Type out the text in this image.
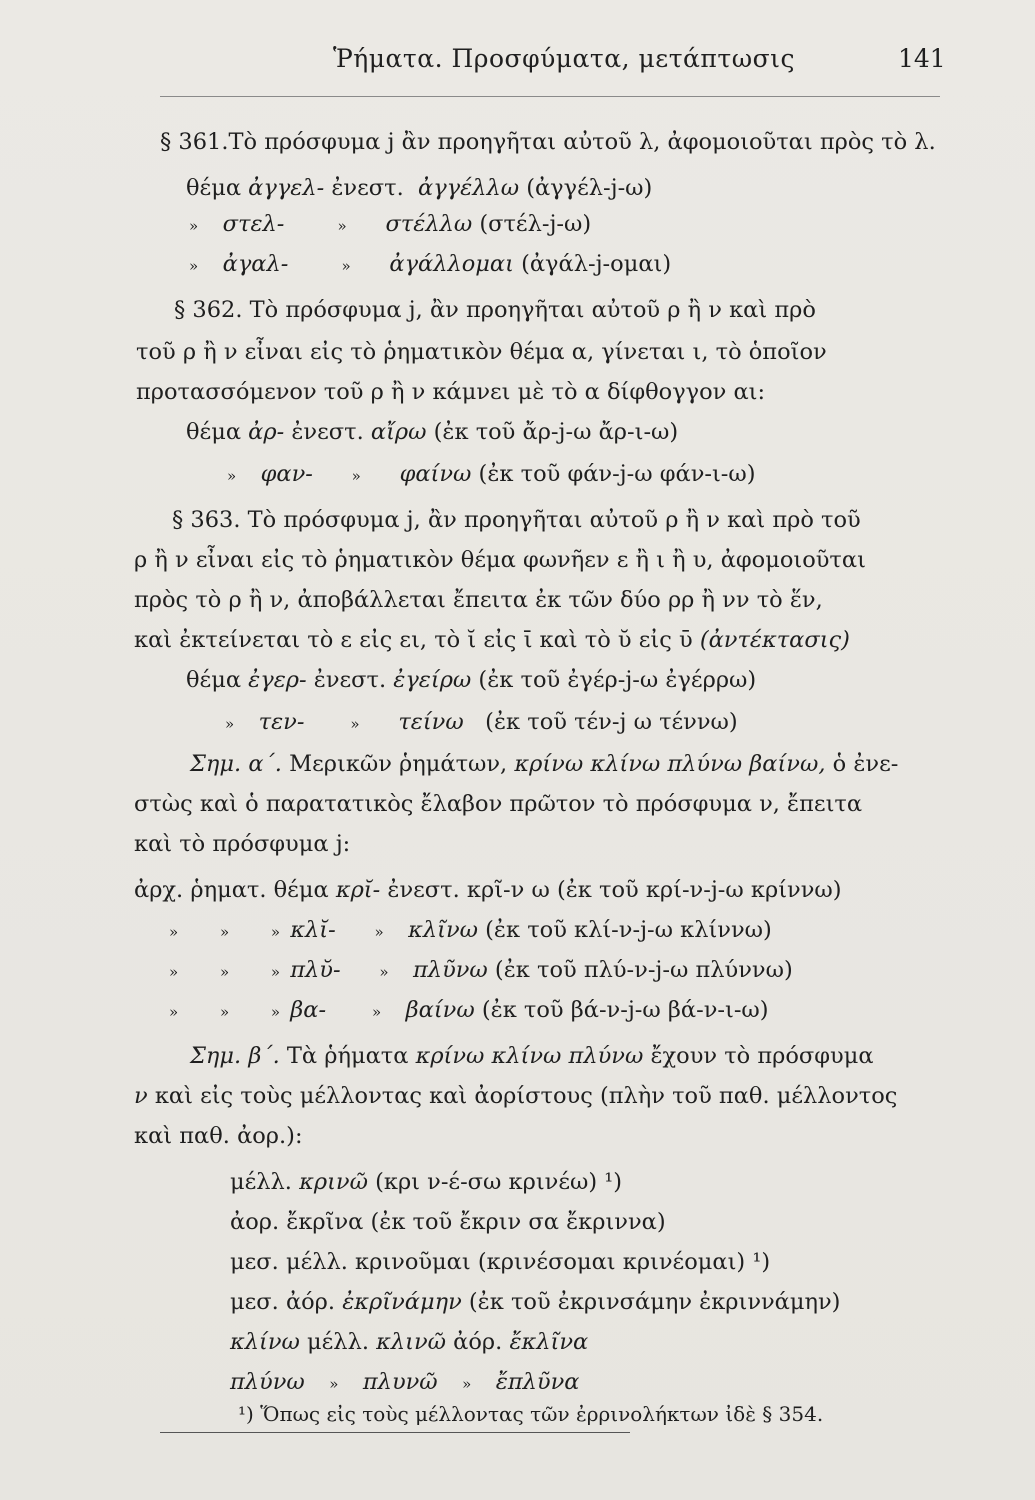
Ῥήματα. Προσφύματα, μετάπτωσις	141
§ 361.Τὸ πρόσφυμα j ἂν προηγῆται αὐτοῦ λ, ἀφομοιοῦται πρὸς τὸ λ.
θέμα ἀγγελ- ἐνεστ.  ἀγγέλλω (ἀγγέλ-j-ω)
» στελ-	» στέλλω (στέλ-j-ω)
» ἀγαλ-	» ἀγάλλομαι (ἀγάλ-j-ομαι)
§ 362. Τὸ πρόσφυμα j, ἂν προηγῆται αὐτοῦ ρ ἢ ν καὶ πρὸ
τοῦ ρ ἢ ν εἶναι εἰς τὸ ῥηματικὸν θέμα α, γίνεται ι, τὸ ὁποῖον
προτασσόμενον τοῦ ρ ἢ ν κάμνει μὲ τὸ α δίφθογγον αι:
θέμα ἀρ- ἐνεστ. αἴρω (ἐκ τοῦ ἄρ-j-ω ἄρ-ι-ω)
» φαν-	» φαίνω (ἐκ τοῦ φάν-j-ω φάν-ι-ω)
§ 363. Τὸ πρόσφυμα j, ἂν προηγῆται αὐτοῦ ρ ἢ ν καὶ πρὸ τοῦ
ρ ἢ ν εἶναι εἰς τὸ ῥηματικὸν θέμα φωνῆεν ε ἢ ι ἢ υ, ἀφομοιοῦται
πρὸς τὸ ρ ἢ ν, ἀποβάλλεται ἔπειτα ἐκ τῶν δύο ρρ ἢ νν τὸ ἕν,
καὶ ἐκτείνεται τὸ ε εἰς ει, τὸ ῐ εἰς ῑ καὶ τὸ ῠ εἰς ῡ (ἀντέκτασις)
θέμα ἐγερ- ἐνεστ. ἐγείρω (ἐκ τοῦ ἐγέρ-j-ω ἐγέρρω)
» τεν-	» τείνω   (ἐκ τοῦ τέν-j ω τέννω)
Σημ. α΄. Μερικῶν ῥημάτων, κρίνω κλίνω πλύνω βαίνω, ὁ ἐνε-
στὼς καὶ ὁ παρατατικὸς ἔλαβον πρῶτον τὸ πρόσφυμα ν, ἔπειτα
καὶ τὸ πρόσφυμα j:
ἀρχ. ῥηματ. θέμα κρῐ- ἐνεστ. κρῖ-ν ω (ἐκ τοῦ κρί-ν-j-ω κρίννω)
»	»	» κλῐ-	» κλῖνω (ἐκ τοῦ κλί-ν-j-ω κλίννω)
»	»	» πλῠ-	» πλῦνω (ἐκ τοῦ πλύ-ν-j-ω πλύννω)
»	»	» βα-	» βαίνω (ἐκ τοῦ βά-ν-j-ω βά-ν-ι-ω)
Σημ. β΄. Τὰ ῥήματα κρίνω κλίνω πλύνω ἔχουν τὸ πρόσφυμα
ν καὶ εἰς τοὺς μέλλοντας καὶ ἀορίστους (πλὴν τοῦ παθ. μέλλοντος
καὶ παθ. ἀορ.):
μέλλ. κρινῶ (κρι ν-έ-σω κρινέω) ¹)
ἀορ. ἔκρῖνα (ἐκ τοῦ ἔκριν σα ἔκριννα)
μεσ. μέλλ. κρινοῦμαι (κρινέσομαι κρινέομαι) ¹)
μεσ. ἀόρ. ἐκρῖνάμην (ἐκ τοῦ ἐκρινσάμην ἐκριννάμην)
κλίνω μέλλ. κλινῶ ἀόρ. ἔκλῖνα
πλύνω » πλυνῶ » ἔπλῦνα
¹) Ὅπως εἰς τοὺς μέλλοντας τῶν ἐρρινολήκτων ἰδὲ § 354.
